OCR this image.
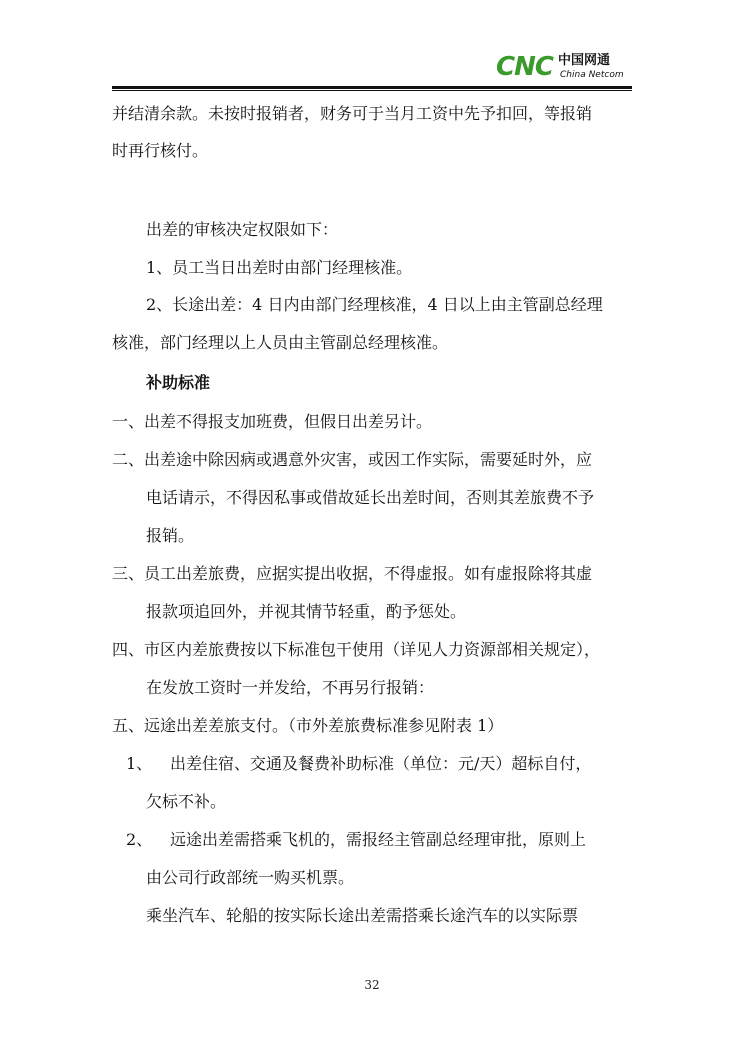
CNC 中国网通
China Netcom
并结清余款。未按时报销者，财务可于当月工资中先予扣回，等报销
时再行核付。
出差的审核决定权限如下：
1、员工当日出差时由部门经理核准。
2、长途出差：4 日内由部门经理核准，4 日以上由主管副总经理
核准，部门经理以上人员由主管副总经理核准。
补助标准
一、出差不得报支加班费，但假日出差另计。
二、出差途中除因病或遇意外灾害，或因工作实际，需要延时外，应
电话请示，不得因私事或借故延长出差时间，否则其差旅费不予
报销。
三、员工出差旅费，应据实提出收据，不得虚报。如有虚报除将其虚
报款项追回外，并视其情节轻重，酌予惩处。
四、市区内差旅费按以下标准包干使用（详见人力资源部相关规定），
在发放工资时一并发给，不再另行报销：
五、远途出差差旅支付。（市外差旅费标准参见附表 1）
1、 出差住宿、交通及餐费补助标准（单位：元/天）超标自付，
欠标不补。
2、 远途出差需搭乘飞机的，需报经主管副总经理审批，原则上
由公司行政部统一购买机票。
乘坐汽车、轮船的按实际长途出差需搭乘长途汽车的以实际票
32
